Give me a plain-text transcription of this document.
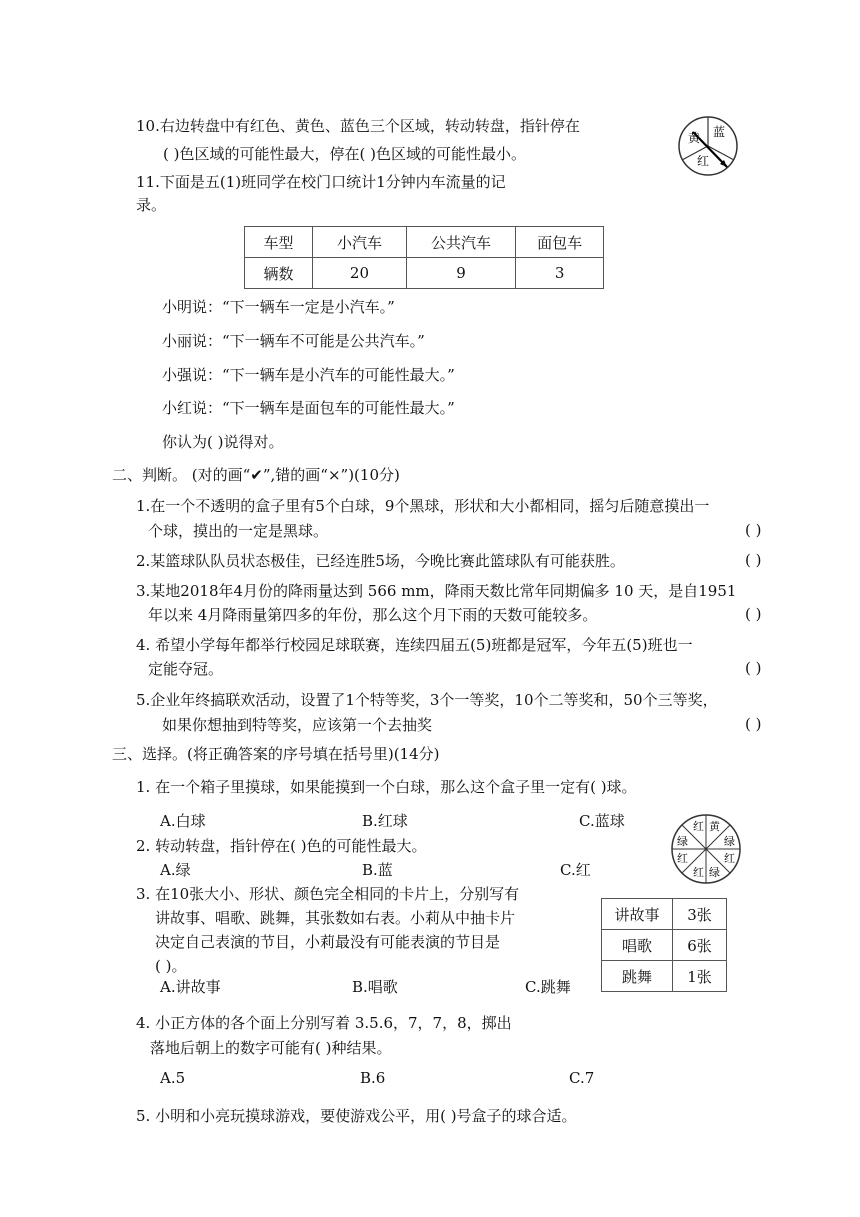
10.右边转盘中有红色、黄色、蓝色三个区域，转动转盘，指针停在
( )色区域的可能性最大，停在( )色区域的可能性最小。
黄 蓝
红
11.下面是五(1)班同学在校门口统计1分钟内车流量的记
录。
车型	小汽车	公共汽车	面包车
辆数	20	9	3
小明说：“下一辆车一定是小汽车。”
小丽说：“下一辆车不可能是公共汽车。”
小强说：“下一辆车是小汽车的可能性最大。”
小红说：“下一辆车是面包车的可能性最大。”
你认为( )说得对。
二、判断。 (对的画“✔”,错的画“×”)(10分)
1.在一个不透明的盒子里有5个白球，9个黑球，形状和大小都相同，摇匀后随意摸出一
个球，摸出的一定是黑球。	( )
2.某篮球队队员状态极佳，已经连胜5场，今晚比赛此篮球队有可能获胜。	( )
3.某地2018年4月份的降雨量达到 566 mm，降雨天数比常年同期偏多 10 天，是自1951
年以来 4月降雨量第四多的年份，那么这个月下雨的天数可能较多。	( )
4. 希望小学每年都举行校园足球联赛，连续四届五(5)班都是冠军，今年五(5)班也一
定能夺冠。	( )
5.企业年终搞联欢活动，设置了1个特等奖，3个一等奖，10个二等奖和，50个三等奖，
如果你想抽到特等奖，应该第一个去抽奖	( )
三、选择。(将正确答案的序号填在括号里)(14分)
1. 在一个箱子里摸球，如果能摸到一个白球，那么这个盒子里一定有( )球。
A.白球	B.红球	C.蓝球
2. 转动转盘，指针停在( )色的可能性最大。
A.绿	B.蓝	C.红
红 黄
绿	绿
红	红
红 绿
3. 在10张大小、形状、颜色完全相同的卡片上，分别写有
讲故事、唱歌、跳舞，其张数如右表。小莉从中抽卡片
决定自己表演的节目，小莉最没有可能表演的节目是
( )。
A.讲故事	B.唱歌	C.跳舞
讲故事	3张
唱歌	6张
跳舞	1张
4. 小正方体的各个面上分别写着 3.5.6，7，7，8，掷出
落地后朝上的数字可能有( )种结果。
A.5	B.6	C.7
5. 小明和小亮玩摸球游戏，要使游戏公平，用( )号盒子的球合适。
